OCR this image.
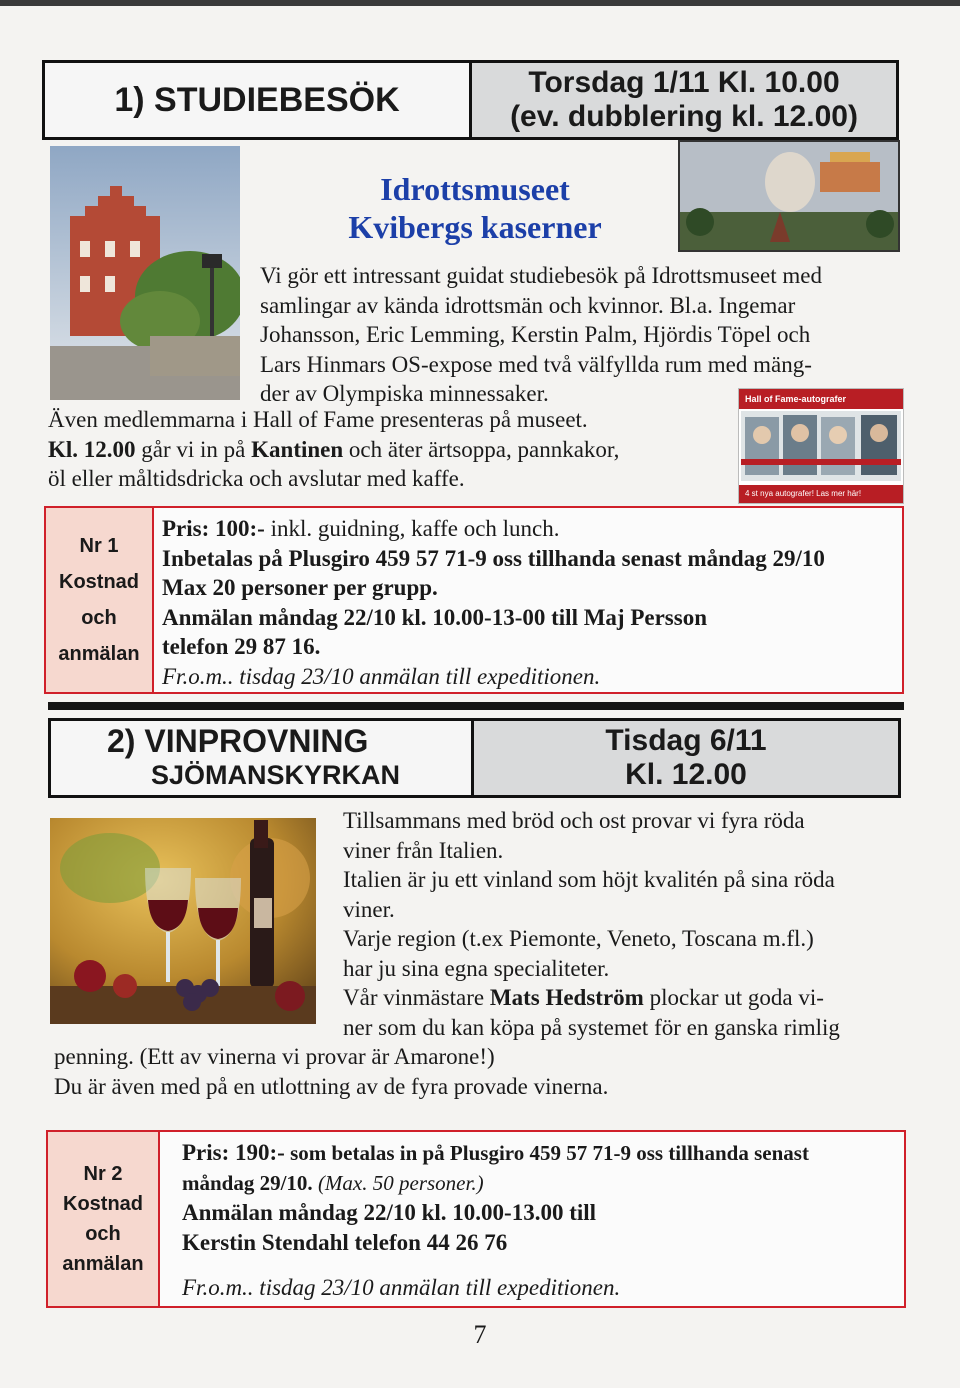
1) STUDIEBESÖK	Torsdag 1/11 Kl. 10.00
(ev. dubblering kl. 12.00)
Idrottsmuseet
Kvibergs kaserner
Vi gör ett intressant guidat studiebesök på Idrottsmuseet med
samlingar av kända idrottsmän och kvinnor. Bl.a. Ingemar
Johansson, Eric Lemming, Kerstin Palm, Hjördis Töpel och
Lars Hinmars OS-expose med två välfyllda rum med mäng-
der av Olympiska minnessaker.
Även medlemmarna i Hall of Fame presenteras på museet.
Kl. 12.00 går vi in på Kantinen och äter ärtsoppa, pannkakor,
öl eller måltidsdricka och avslutar med kaffe.
Hall of Fame-autografer
4 st nya autografer! Las mer här!
Nr 1
Kostnad
och
anmälan
Pris: 100:- inkl. guidning, kaffe och lunch.
Inbetalas på Plusgiro 459 57 71-9 oss tillhanda senast måndag 29/10
Max 20 personer per grupp.
Anmälan måndag 22/10 kl. 10.00-13-00 till Maj Persson
telefon 29 87 16.
Fr.o.m.. tisdag 23/10 anmälan till expeditionen.
2) VINPROVNING
SJÖMANSKYRKAN
Tisdag 6/11
Kl. 12.00
Tillsammans med bröd och ost provar vi fyra röda
viner från Italien.
Italien är ju ett vinland som höjt kvalitén på sina röda
viner.
Varje region (t.ex Piemonte, Veneto, Toscana m.fl.)
har ju sina egna specialiteter.
Vår vinmästare Mats Hedström plockar ut goda vi-
ner som du kan köpa på systemet för en ganska rimlig
penning. (Ett av vinerna vi provar är Amarone!)
Du är även med på en utlottning av de fyra provade vinerna.
Nr 2
Kostnad
och
anmälan
Pris: 190:- som betalas in på Plusgiro 459 57 71-9 oss tillhanda senast
måndag 29/10. (Max. 50 personer.)
Anmälan måndag 22/10 kl. 10.00-13.00 till
Kerstin Stendahl telefon 44 26 76
Fr.o.m.. tisdag 23/10 anmälan till expeditionen.
7
